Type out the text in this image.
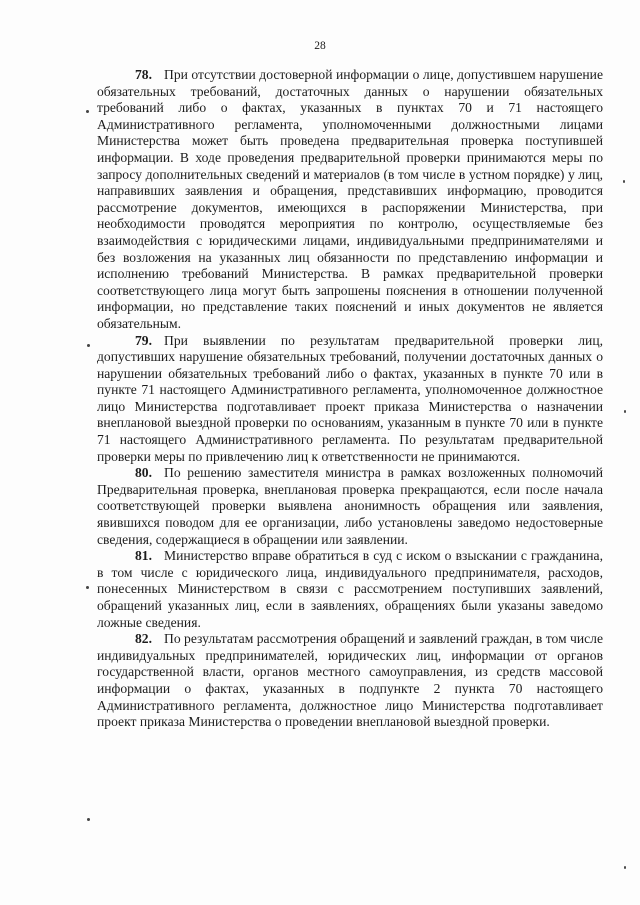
28

78. При отсутствии достоверной информации о лице, допустившем нарушение обязательных требований, достаточных данных о нарушении обязательных требований либо о фактах, указанных в пунктах 70 и 71 настоящего Административного регламента, уполномоченными должностными лицами Министерства может быть проведена предварительная проверка поступившей информации. В ходе проведения предварительной проверки принимаются меры по запросу дополнительных сведений и материалов (в том числе в устном порядке) у лиц, направивших заявления и обращения, представивших информацию, проводится рассмотрение документов, имеющихся в распоряжении Министерства, при необходимости проводятся мероприятия по контролю, осуществляемые без взаимодействия с юридическими лицами, индивидуальными предпринимателями и без возложения на указанных лиц обязанности по представлению информации и исполнению требований Министерства. В рамках предварительной проверки соответствующего лица могут быть запрошены пояснения в отношении полученной информации, но представление таких пояснений и иных документов не является обязательным.

79. При выявлении по результатам предварительной проверки лиц, допустивших нарушение обязательных требований, получении достаточных данных о нарушении обязательных требований либо о фактах, указанных в пункте 70 или в пункте 71 настоящего Административного регламента, уполномоченное должностное лицо Министерства подготавливает проект приказа Министерства о назначении внеплановой выездной проверки по основаниям, указанным в пункте 70 или в пункте 71 настоящего Административного регламента. По результатам предварительной проверки меры по привлечению лиц к ответственности не принимаются.

80. По решению заместителя министра в рамках возложенных полномочий Предварительная проверка, внеплановая проверка прекращаются, если после начала соответствующей проверки выявлена анонимность обращения или заявления, явившихся поводом для ее организации, либо установлены заведомо недостоверные сведения, содержащиеся в обращении или заявлении.

81. Министерство вправе обратиться в суд с иском о взыскании с гражданина, в том числе с юридического лица, индивидуального предпринимателя, расходов, понесенных Министерством в связи с рассмотрением поступивших заявлений, обращений указанных лиц, если в заявлениях, обращениях были указаны заведомо ложные сведения.

82. По результатам рассмотрения обращений и заявлений граждан, в том числе индивидуальных предпринимателей, юридических лиц, информации от органов государственной власти, органов местного самоуправления, из средств массовой информации о фактах, указанных в подпункте 2 пункта 70 настоящего Административного регламента, должностное лицо Министерства подготавливает проект приказа Министерства о проведении внеплановой выездной проверки.
